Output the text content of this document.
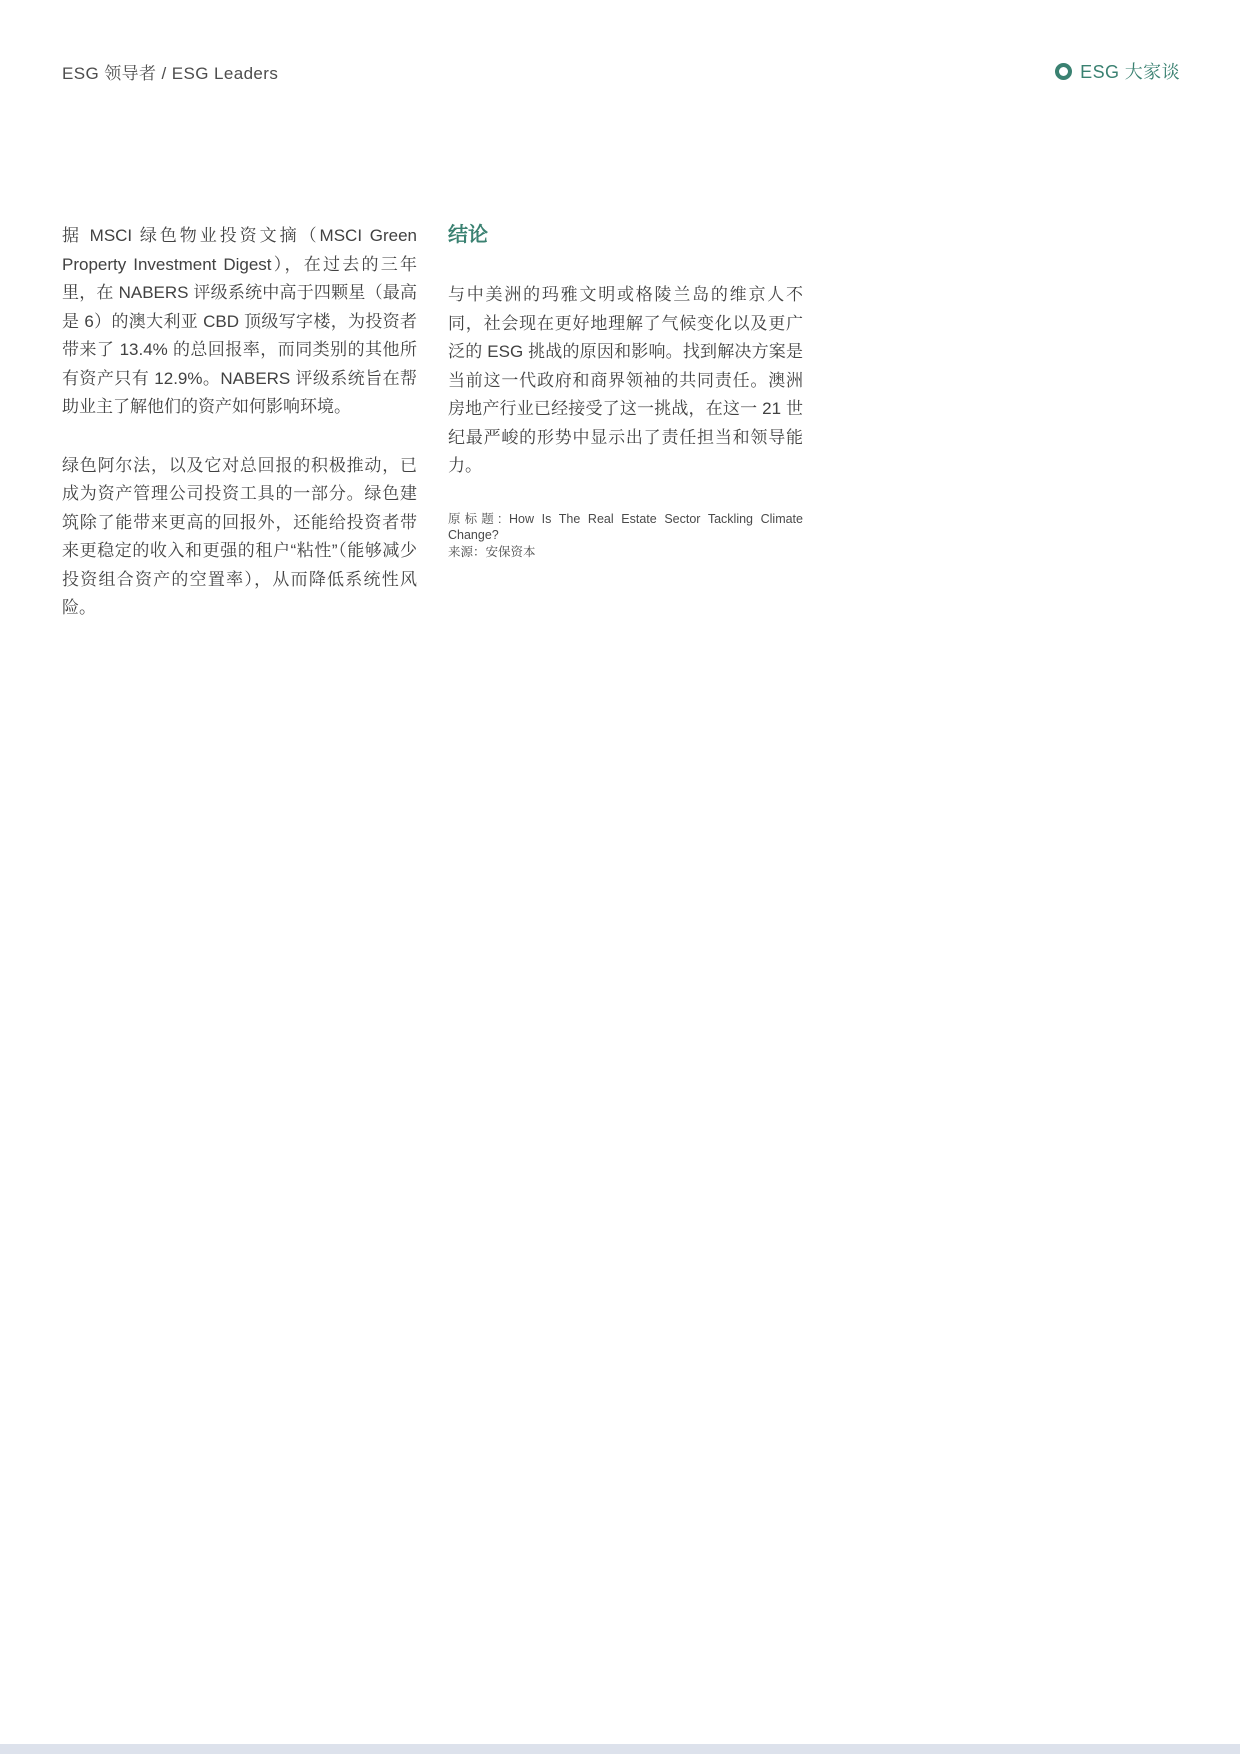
ESG 领导者 / ESG Leaders	ESG 大家谈

据 MSCI 绿色物业投资文摘（MSCI Green Property Investment Digest），在过去的三年里，在 NABERS 评级系统中高于四颗星（最高是 6）的澳大利亚 CBD 顶级写字楼，为投资者带来了 13.4% 的总回报率，而同类别的其他所有资产只有 12.9%。NABERS 评级系统旨在帮助业主了解他们的资产如何影响环境。

绿色阿尔法，以及它对总回报的积极推动，已成为资产管理公司投资工具的一部分。绿色建筑除了能带来更高的回报外，还能给投资者带来更稳定的收入和更强的租户“粘性”（能够减少投资组合资产的空置率），从而降低系统性风险。

结论

与中美洲的玛雅文明或格陵兰岛的维京人不同，社会现在更好地理解了气候变化以及更广泛的 ESG 挑战的原因和影响。找到解决方案是当前这一代政府和商界领袖的共同责任。澳洲房地产行业已经接受了这一挑战，在这一 21 世纪最严峻的形势中显示出了责任担当和领导能力。

原标题: How Is The Real Estate Sector Tackling Climate Change?

来源：安保资本
